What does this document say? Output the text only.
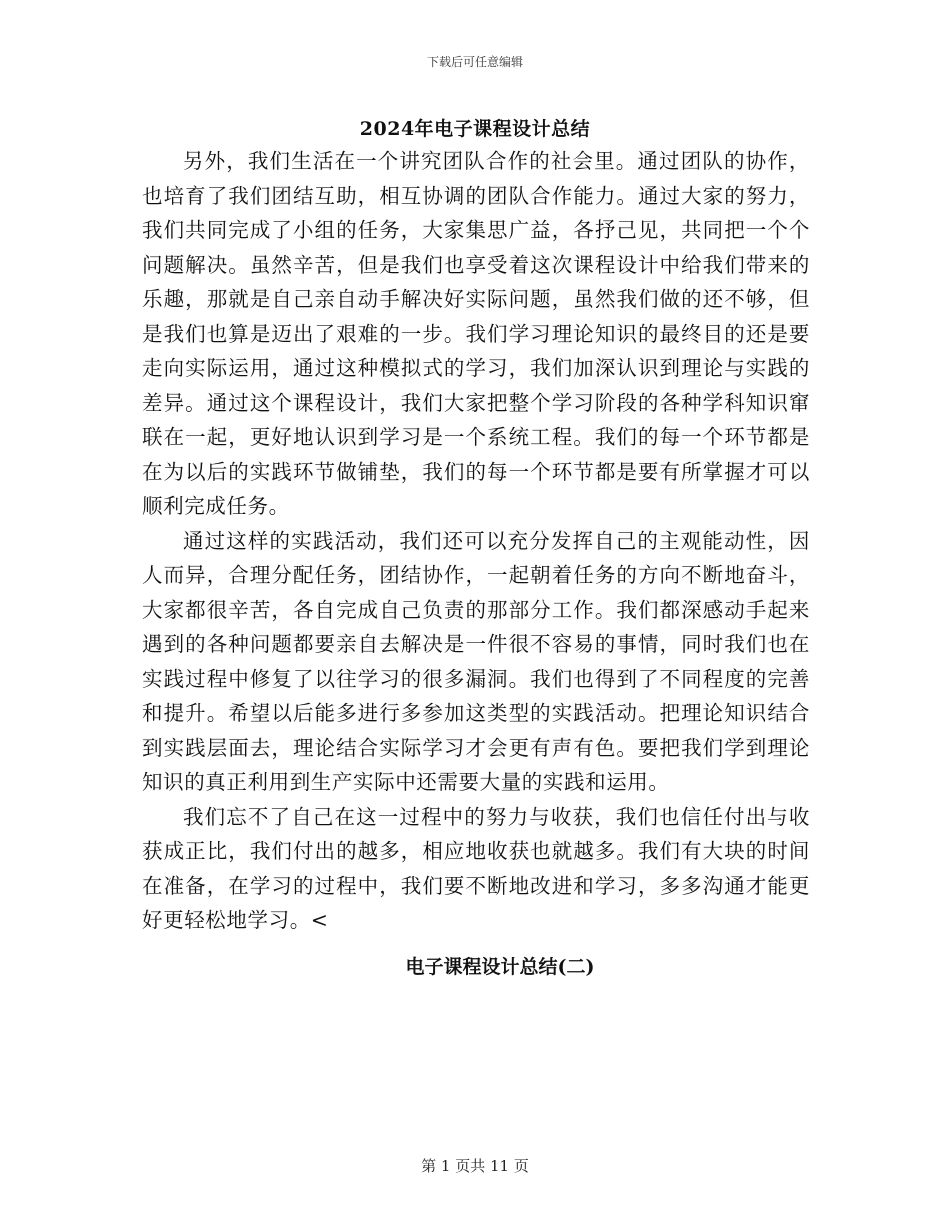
下载后可任意编辑
2024年电子课程设计总结

另外，我们生活在一个讲究团队合作的社会里。通过团队的协作，也培育了我们团结互助，相互协调的团队合作能力。通过大家的努力，我们共同完成了小组的任务，大家集思广益，各抒己见，共同把一个个问题解决。虽然辛苦，但是我们也享受着这次课程设计中给我们带来的乐趣，那就是自己亲自动手解决好实际问题，虽然我们做的还不够，但是我们也算是迈出了艰难的一步。我们学习理论知识的最终目的还是要走向实际运用，通过这种模拟式的学习，我们加深认识到理论与实践的差异。通过这个课程设计，我们大家把整个学习阶段的各种学科知识窜联在一起，更好地认识到学习是一个系统工程。我们的每一个环节都是在为以后的实践环节做铺垫，我们的每一个环节都是要有所掌握才可以顺利完成任务。

通过这样的实践活动，我们还可以充分发挥自己的主观能动性，因人而异，合理分配任务，团结协作，一起朝着任务的方向不断地奋斗，大家都很辛苦，各自完成自己负责的那部分工作。我们都深感动手起来遇到的各种问题都要亲自去解决是一件很不容易的事情，同时我们也在实践过程中修复了以往学习的很多漏洞。我们也得到了不同程度的完善和提升。希望以后能多进行多参加这类型的实践活动。把理论知识结合到实践层面去，理论结合实际学习才会更有声有色。要把我们学到理论知识的真正利用到生产实际中还需要大量的实践和运用。

我们忘不了自己在这一过程中的努力与收获，我们也信任付出与收获成正比，我们付出的越多，相应地收获也就越多。我们有大块的时间在准备，在学习的过程中，我们要不断地改进和学习，多多沟通才能更好更轻松地学习。<

电子课程设计总结(二)
第 1 页共 11 页
